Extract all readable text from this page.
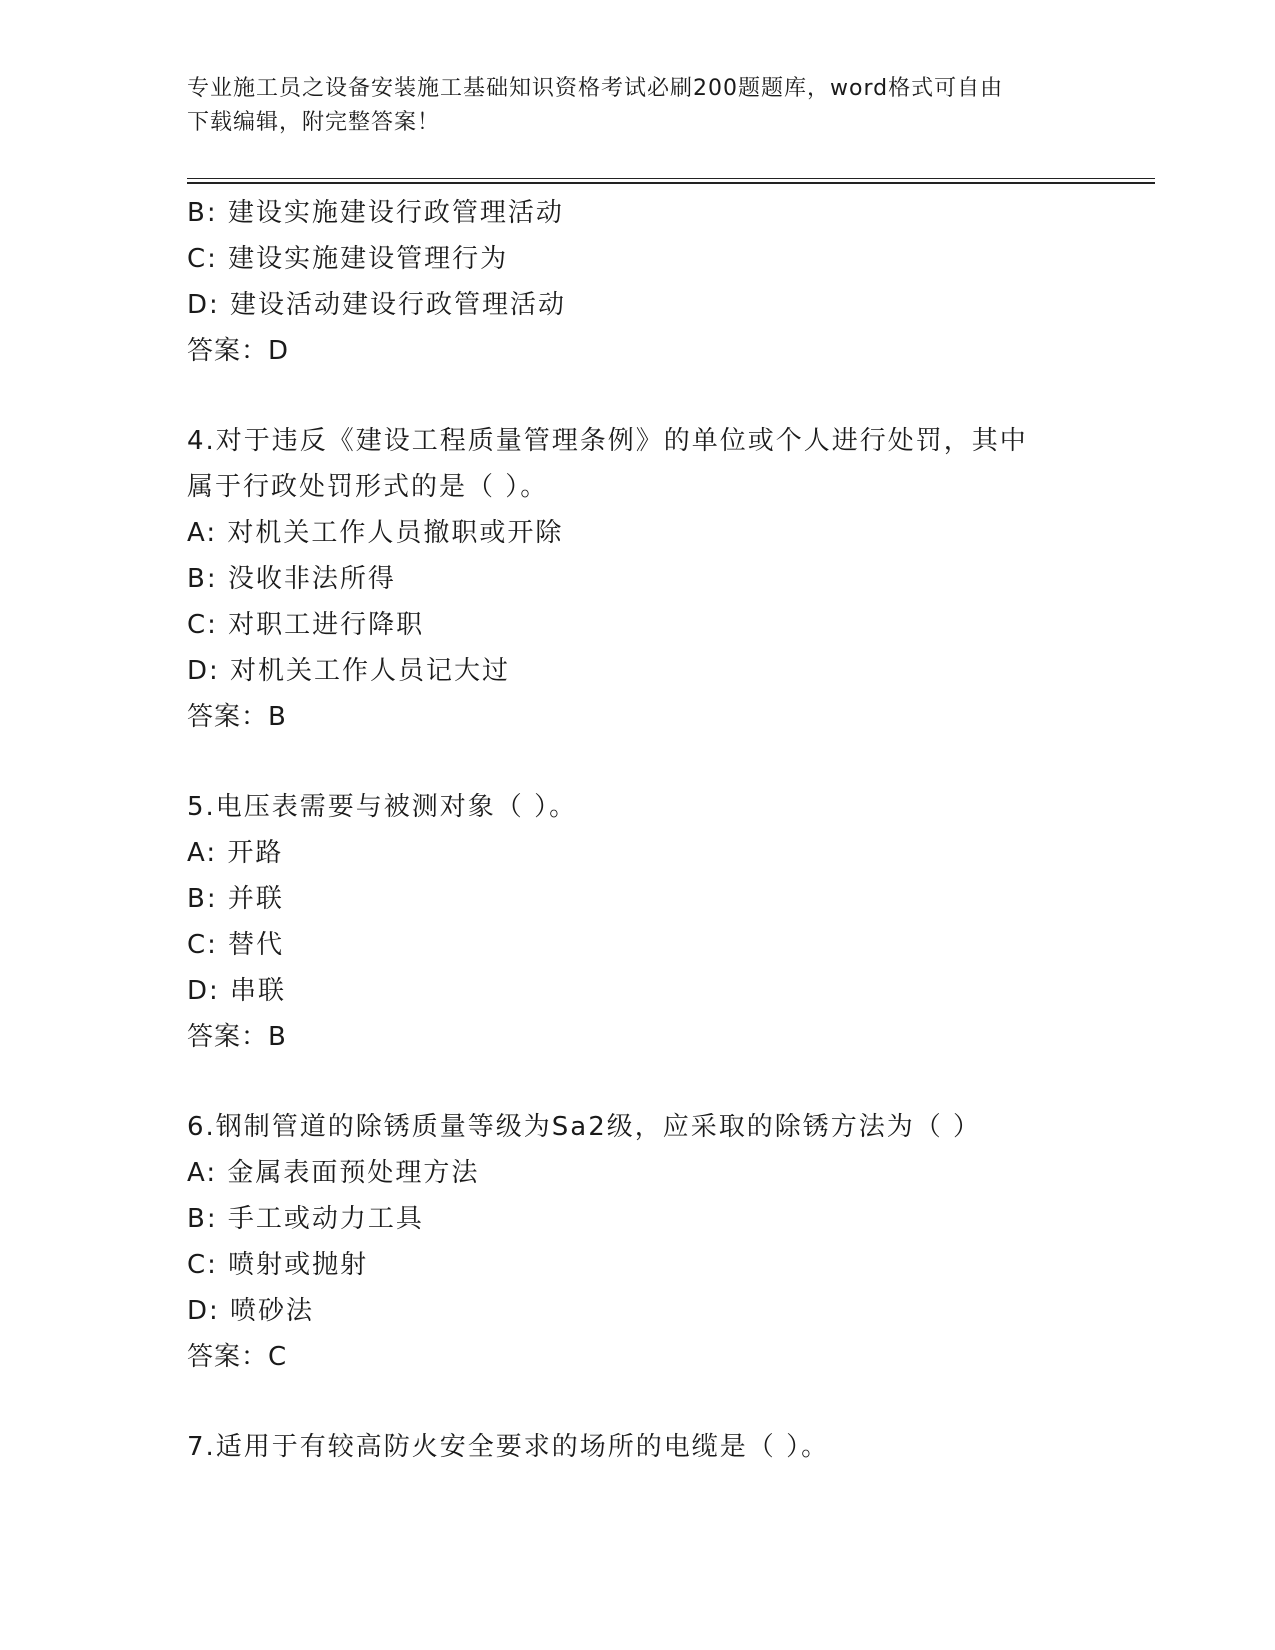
专业施工员之设备安装施工基础知识资格考试必刷200题题库，word格式可自由
下载编辑，附完整答案！
B: 建设实施建设行政管理活动
C: 建设实施建设管理行为
D: 建设活动建设行政管理活动
答案：D
4.对于违反《建设工程质量管理条例》的单位或个人进行处罚，其中
属于行政处罚形式的是（ ）。
A: 对机关工作人员撤职或开除
B: 没收非法所得
C: 对职工进行降职
D: 对机关工作人员记大过
答案：B
5.电压表需要与被测对象（ ）。
A: 开路
B: 并联
C: 替代
D: 串联
答案：B
6.钢制管道的除锈质量等级为Sa2级，应采取的除锈方法为（ ）
A: 金属表面预处理方法
B: 手工或动力工具
C: 喷射或抛射
D: 喷砂法
答案：C
7.适用于有较高防火安全要求的场所的电缆是（ ）。
